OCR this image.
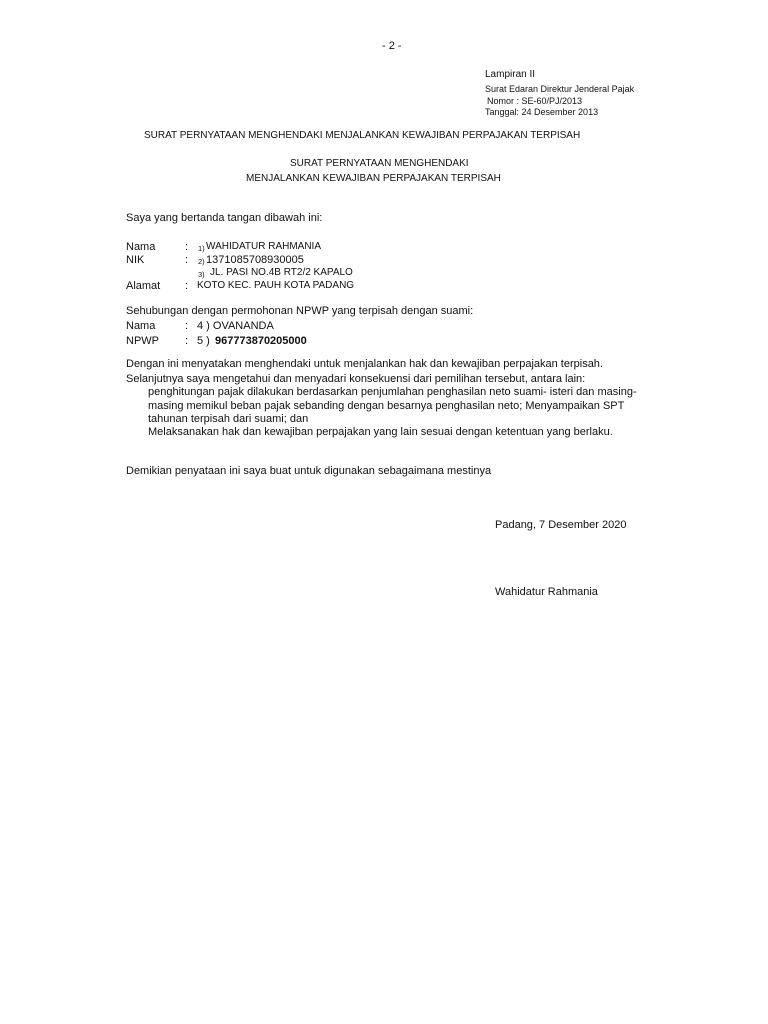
- 2 -
Lampiran II
Surat Edaran Direktur Jenderal Pajak
Nomor : SE-60/PJ/2013
Tanggal: 24 Desember 2013
SURAT PERNYATAAN MENGHENDAKI MENJALANKAN KEWAJIBAN PERPAJAKAN TERPISAH
SURAT PERNYATAAN MENGHENDAKI
MENJALANKAN KEWAJIBAN PERPAJAKAN TERPISAH
Saya yang bertanda tangan dibawah ini:
Nama	: 1) WAHIDATUR RAHMANIA
NIK	: 2) 1371085708930005
3) JL. PASI NO.4B RT2/2 KAPALO
Alamat : KOTO KEC. PAUH KOTA PADANG
Sehubungan dengan permohonan NPWP yang terpisah dengan suami:
Nama	: 4 ) OVANANDA
NPWP : 5 ) 967773870205000
Dengan ini menyatakan menghendaki untuk menjalankan hak dan kewajiban perpajakan terpisah.
Selanjutnya saya mengetahui dan menyadari konsekuensi dari pemilihan tersebut, antara lain:
penghitungan pajak dilakukan berdasarkan penjumlahan penghasilan neto suami- isteri dan masing-
masing memikul beban pajak sebanding dengan besarnya penghasilan neto; Menyampaikan SPT
tahunan terpisah dari suami; dan
Melaksanakan hak dan kewajiban perpajakan yang lain sesuai dengan ketentuan yang berlaku.
Demikian penyataan ini saya buat untuk digunakan sebagaimana mestinya
Padang, 7 Desember 2020
Wahidatur Rahmania
